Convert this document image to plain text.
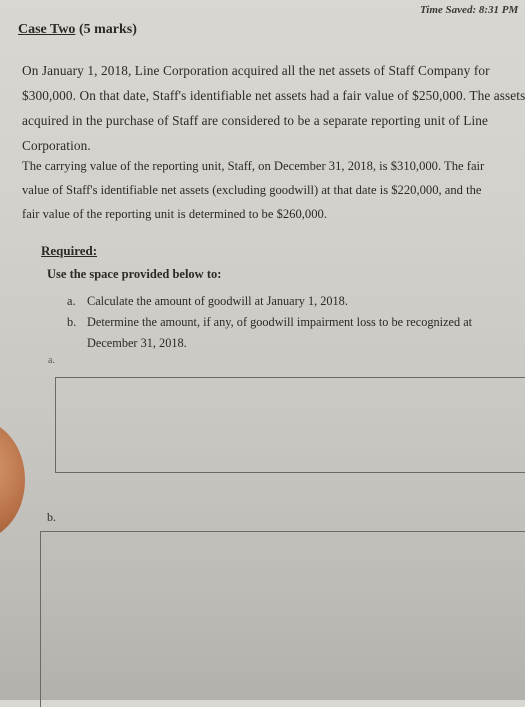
Time Saved: 8:31 PM
Case Two (5 marks)
On January 1, 2018, Line Corporation acquired all the net assets of Staff Company for
$300,000. On that date, Staff's identifiable net assets had a fair value of $250,000. The assets
acquired in the purchase of Staff are considered to be a separate reporting unit of Line
Corporation.
The carrying value of the reporting unit, Staff, on December 31, 2018, is $310,000. The fair
value of Staff's identifiable net assets (excluding goodwill) at that date is $220,000, and the
fair value of the reporting unit is determined to be $260,000.
Required:
Use the space provided below to:
a. Calculate the amount of goodwill at January 1, 2018.
b. Determine the amount, if any, of goodwill impairment loss to be recognized at
December 31, 2018.
a.
b.
